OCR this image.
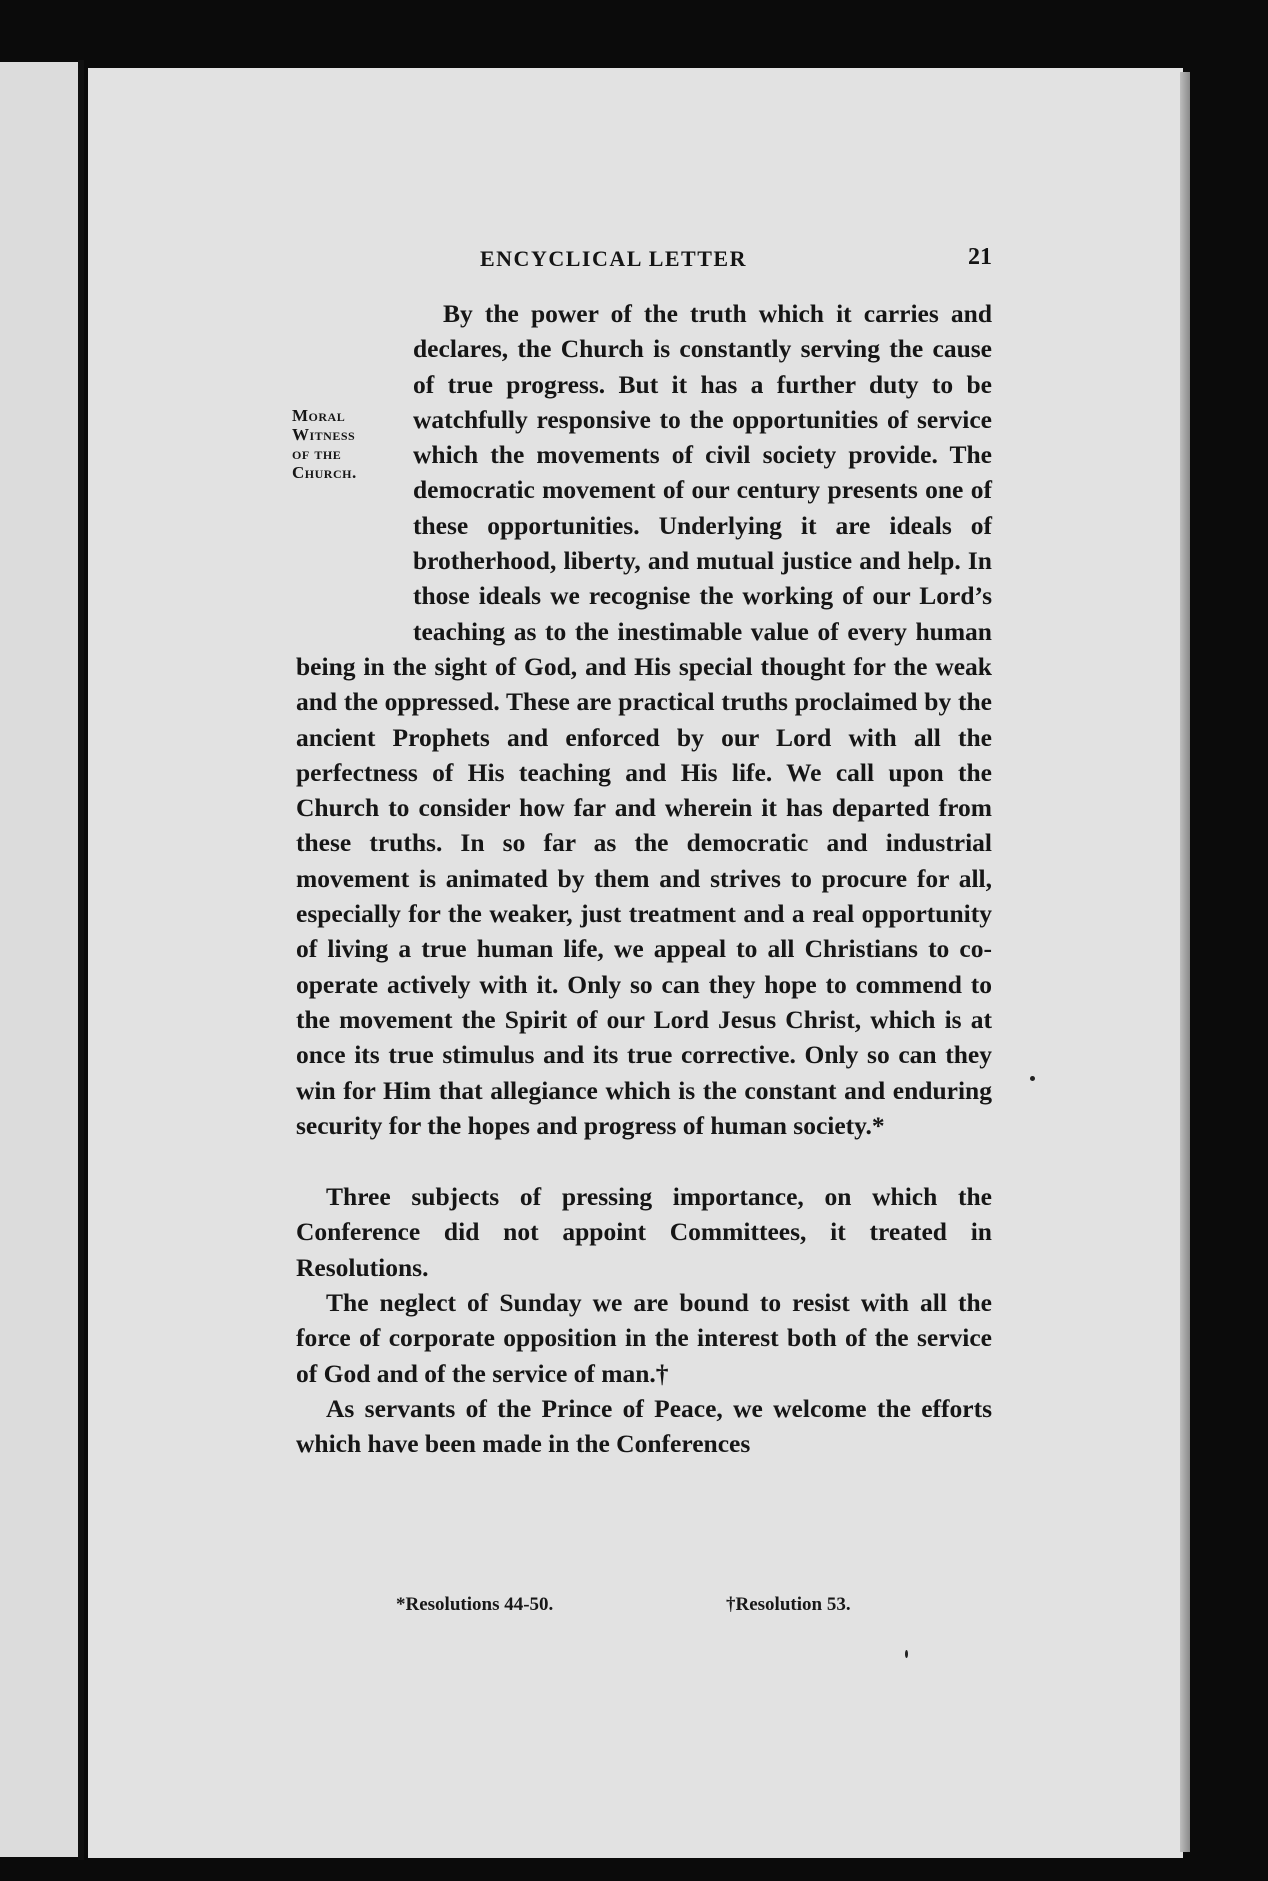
ENCYCLICAL LETTER	21

Moral
Witness
of the
Church.
By the power of the truth which it carries and declares, the Church is constantly serving the cause of true progress. But it has a further duty to be watchfully responsive to the opportunities of service which the movements of civil society provide. The democratic movement of our century presents one of these opportunities. Underlying it are ideals of brotherhood, liberty, and mutual justice and help. In those ideals we recognise the working of our Lord’s teaching as to the inestimable value of every human being in the sight of God, and His special thought for the weak and the oppressed. These are practical truths proclaimed by the ancient Prophets and enforced by our Lord with all the perfectness of His teaching and His life. We call upon the Church to consider how far and wherein it has departed from these truths. In so far as the democratic and industrial movement is animated by them and strives to procure for all, especially for the weaker, just treatment and a real opportunity of living a true human life, we appeal to all Christians to co-operate actively with it. Only so can they hope to commend to the movement the Spirit of our Lord Jesus Christ, which is at once its true stimulus and its true corrective. Only so can they win for Him that allegiance which is the constant and enduring security for the hopes and progress of human society.*

Three subjects of pressing importance, on which the Conference did not appoint Committees, it treated in Resolutions.

The neglect of Sunday we are bound to resist with all the force of corporate opposition in the interest both of the service of God and of the service of man.†

As servants of the Prince of Peace, we welcome the efforts which have been made in the Conferences

*Resolutions 44-50.	†Resolution 53.
